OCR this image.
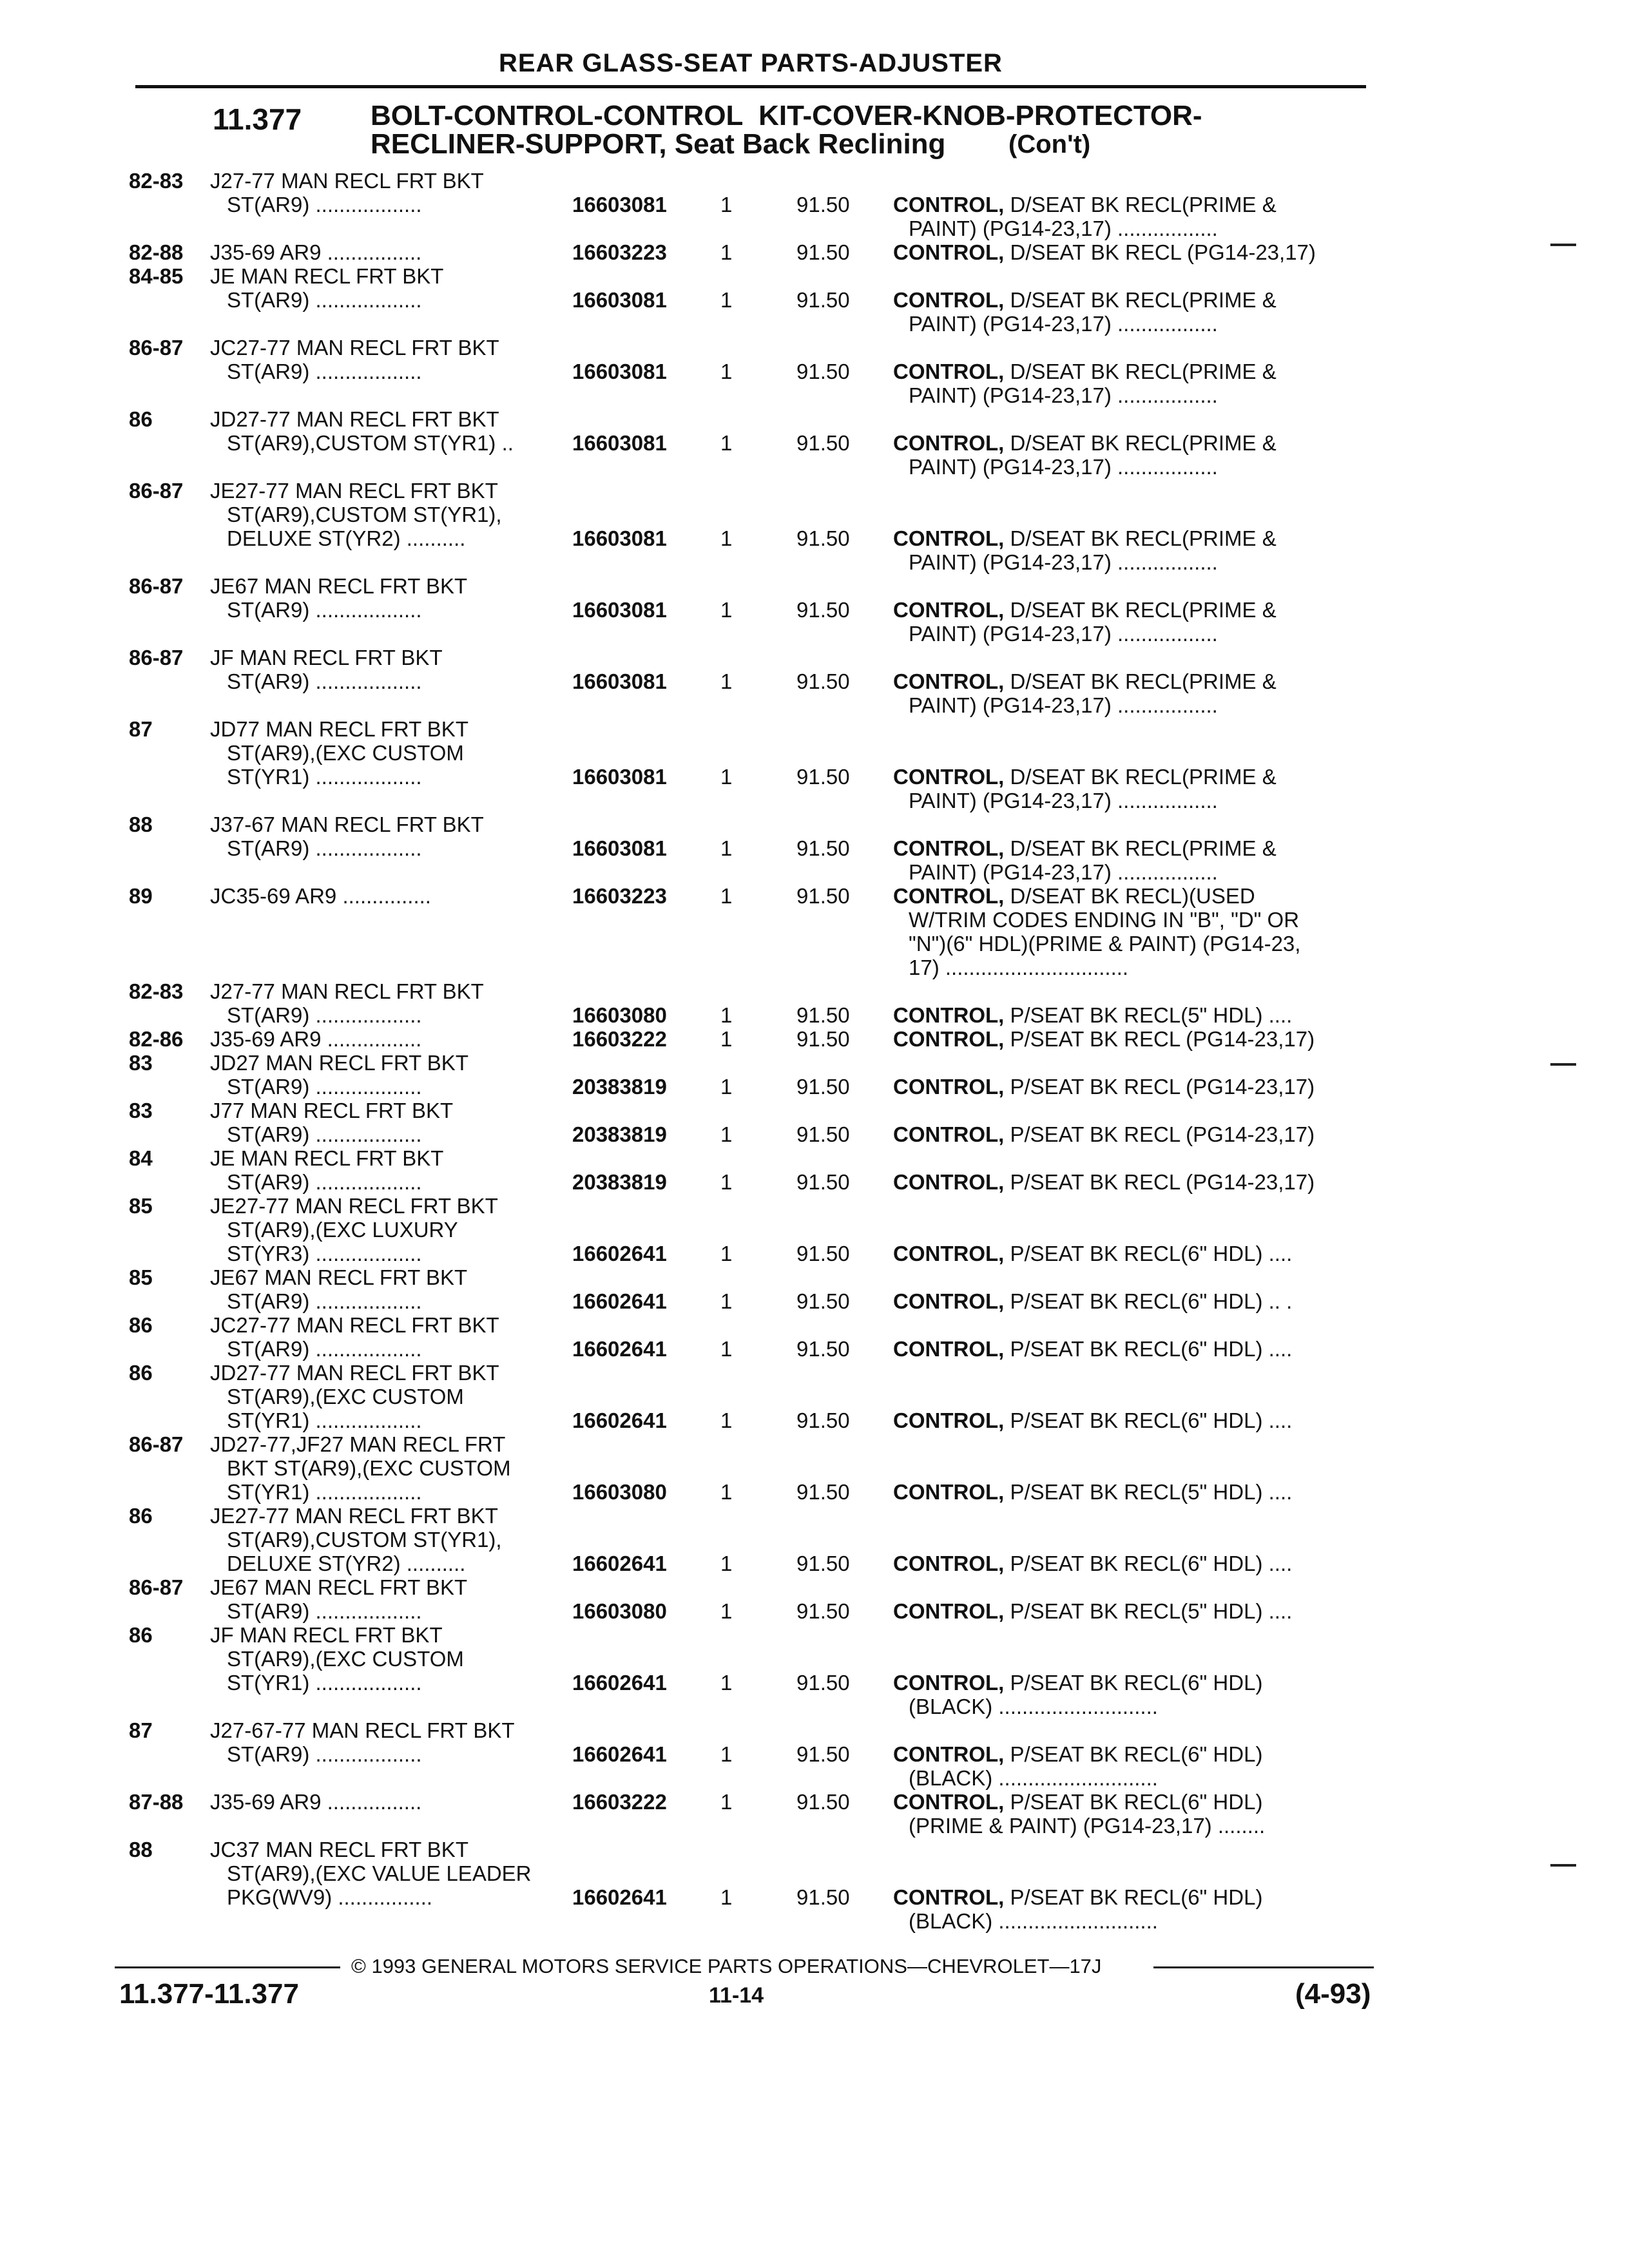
REAR GLASS-SEAT PARTS-ADJUSTER
11.377 BOLT-CONTROL-CONTROL  KIT-COVER-KNOB-PROTECTOR-
RECLINER-SUPPORT, Seat Back Reclining	(Con't)
82-83 J27-77 MAN RECL FRT BKT
ST(AR9) ..................	16603081	1	91.50 CONTROL, D/SEAT BK RECL(PRIME &
PAINT) (PG14-23,17) .................
82-88 J35-69 AR9 ................	16603223	1	91.50 CONTROL, D/SEAT BK RECL (PG14-23,17)
84-85 JE MAN RECL FRT BKT
ST(AR9) ..................	16603081	1	91.50 CONTROL, D/SEAT BK RECL(PRIME &
PAINT) (PG14-23,17) .................
86-87 JC27-77 MAN RECL FRT BKT
ST(AR9) ..................	16603081	1	91.50 CONTROL, D/SEAT BK RECL(PRIME &
PAINT) (PG14-23,17) .................
86	JD27-77 MAN RECL FRT BKT
ST(AR9),CUSTOM ST(YR1) ..	16603081	1	91.50 CONTROL, D/SEAT BK RECL(PRIME &
PAINT) (PG14-23,17) .................
86-87 JE27-77 MAN RECL FRT BKT
ST(AR9),CUSTOM ST(YR1),
DELUXE ST(YR2) ..........	16603081	1	91.50 CONTROL, D/SEAT BK RECL(PRIME &
PAINT) (PG14-23,17) .................
86-87 JE67 MAN RECL FRT BKT
ST(AR9) ..................	16603081	1	91.50 CONTROL, D/SEAT BK RECL(PRIME &
PAINT) (PG14-23,17) .................
86-87 JF MAN RECL FRT BKT
ST(AR9) ..................	16603081	1	91.50 CONTROL, D/SEAT BK RECL(PRIME &
PAINT) (PG14-23,17) .................
87	JD77 MAN RECL FRT BKT
ST(AR9),(EXC CUSTOM
ST(YR1) ..................	16603081	1	91.50 CONTROL, D/SEAT BK RECL(PRIME &
PAINT) (PG14-23,17) .................
88	J37-67 MAN RECL FRT BKT
ST(AR9) ..................	16603081	1	91.50 CONTROL, D/SEAT BK RECL(PRIME &
PAINT) (PG14-23,17) .................
89	JC35-69 AR9 ...............	16603223	1	91.50 CONTROL, D/SEAT BK RECL)(USED
W/TRIM CODES ENDING IN "B", "D" OR
"N")(6" HDL)(PRIME & PAINT) (PG14-23,
17) ...............................
82-83 J27-77 MAN RECL FRT BKT
ST(AR9) ..................	16603080	1	91.50 CONTROL, P/SEAT BK RECL(5" HDL) ....
82-86 J35-69 AR9 ................	16603222	1	91.50 CONTROL, P/SEAT BK RECL (PG14-23,17)
83	JD27 MAN RECL FRT BKT
ST(AR9) ..................	20383819	1	91.50 CONTROL, P/SEAT BK RECL (PG14-23,17)
83	J77 MAN RECL FRT BKT
ST(AR9) ..................	20383819	1	91.50 CONTROL, P/SEAT BK RECL (PG14-23,17)
84	JE MAN RECL FRT BKT
ST(AR9) ..................	20383819	1	91.50 CONTROL, P/SEAT BK RECL (PG14-23,17)
85	JE27-77 MAN RECL FRT BKT
ST(AR9),(EXC LUXURY
ST(YR3) ..................	16602641	1	91.50 CONTROL, P/SEAT BK RECL(6" HDL) ....
85	JE67 MAN RECL FRT BKT
ST(AR9) ..................	16602641	1	91.50 CONTROL, P/SEAT BK RECL(6" HDL) .. .
86	JC27-77 MAN RECL FRT BKT
ST(AR9) ..................	16602641	1	91.50 CONTROL, P/SEAT BK RECL(6" HDL) ....
86	JD27-77 MAN RECL FRT BKT
ST(AR9),(EXC CUSTOM
ST(YR1) ..................	16602641	1	91.50 CONTROL, P/SEAT BK RECL(6" HDL) ....
86-87 JD27-77,JF27 MAN RECL FRT
BKT ST(AR9),(EXC CUSTOM
ST(YR1) ..................	16603080	1	91.50 CONTROL, P/SEAT BK RECL(5" HDL) ....
86	JE27-77 MAN RECL FRT BKT
ST(AR9),CUSTOM ST(YR1),
DELUXE ST(YR2) ..........	16602641	1	91.50 CONTROL, P/SEAT BK RECL(6" HDL) ....
86-87 JE67 MAN RECL FRT BKT
ST(AR9) ..................	16603080	1	91.50 CONTROL, P/SEAT BK RECL(5" HDL) ....
86	JF MAN RECL FRT BKT
ST(AR9),(EXC CUSTOM
ST(YR1) ..................	16602641	1	91.50 CONTROL, P/SEAT BK RECL(6" HDL)
(BLACK) ...........................
87	J27-67-77 MAN RECL FRT BKT
ST(AR9) ..................	16602641	1	91.50 CONTROL, P/SEAT BK RECL(6" HDL)
(BLACK) ...........................
87-88 J35-69 AR9 ................	16603222	1	91.50 CONTROL, P/SEAT BK RECL(6" HDL)
(PRIME & PAINT) (PG14-23,17) ........
88	JC37 MAN RECL FRT BKT
ST(AR9),(EXC VALUE LEADER
PKG(WV9) ................	16602641	1	91.50 CONTROL, P/SEAT BK RECL(6" HDL)
(BLACK) ...........................
© 1993 GENERAL MOTORS SERVICE PARTS OPERATIONS—CHEVROLET—17J
11.377-11.377	11-14	(4-93)
